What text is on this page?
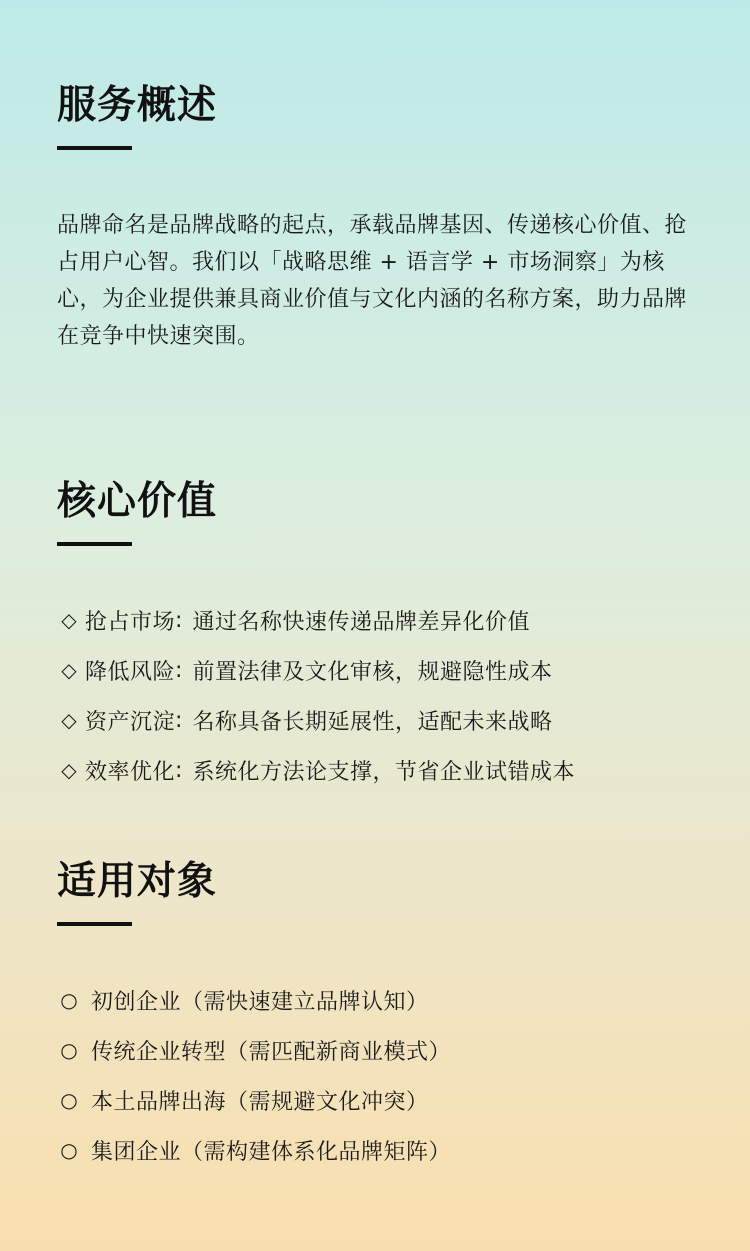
服务概述

品牌命名是品牌战略的起点，承载品牌基因、传递核心价值、抢占用户心智。我们以「战略思维 + 语言学 + 市场洞察」为核心，为企业提供兼具商业价值与文化内涵的名称方案，助力品牌在竞争中快速突围。

核心价值
◇ 抢占市场 : 通过名称快速传递品牌差异化价值
◇ 降低风险 : 前置法律及文化审核，规避隐性成本
◇ 资产沉淀 : 名称具备长期延展性，适配未来战略
◇ 效率优化 : 系统化方法论支撑，节省企业试错成本
适用对象
○ 初创企业（需快速建立品牌认知）
○ 传统企业转型（需匹配新商业模式）
○ 本土品牌出海（需规避文化冲突）
○ 集团企业（需构建体系化品牌矩阵）
